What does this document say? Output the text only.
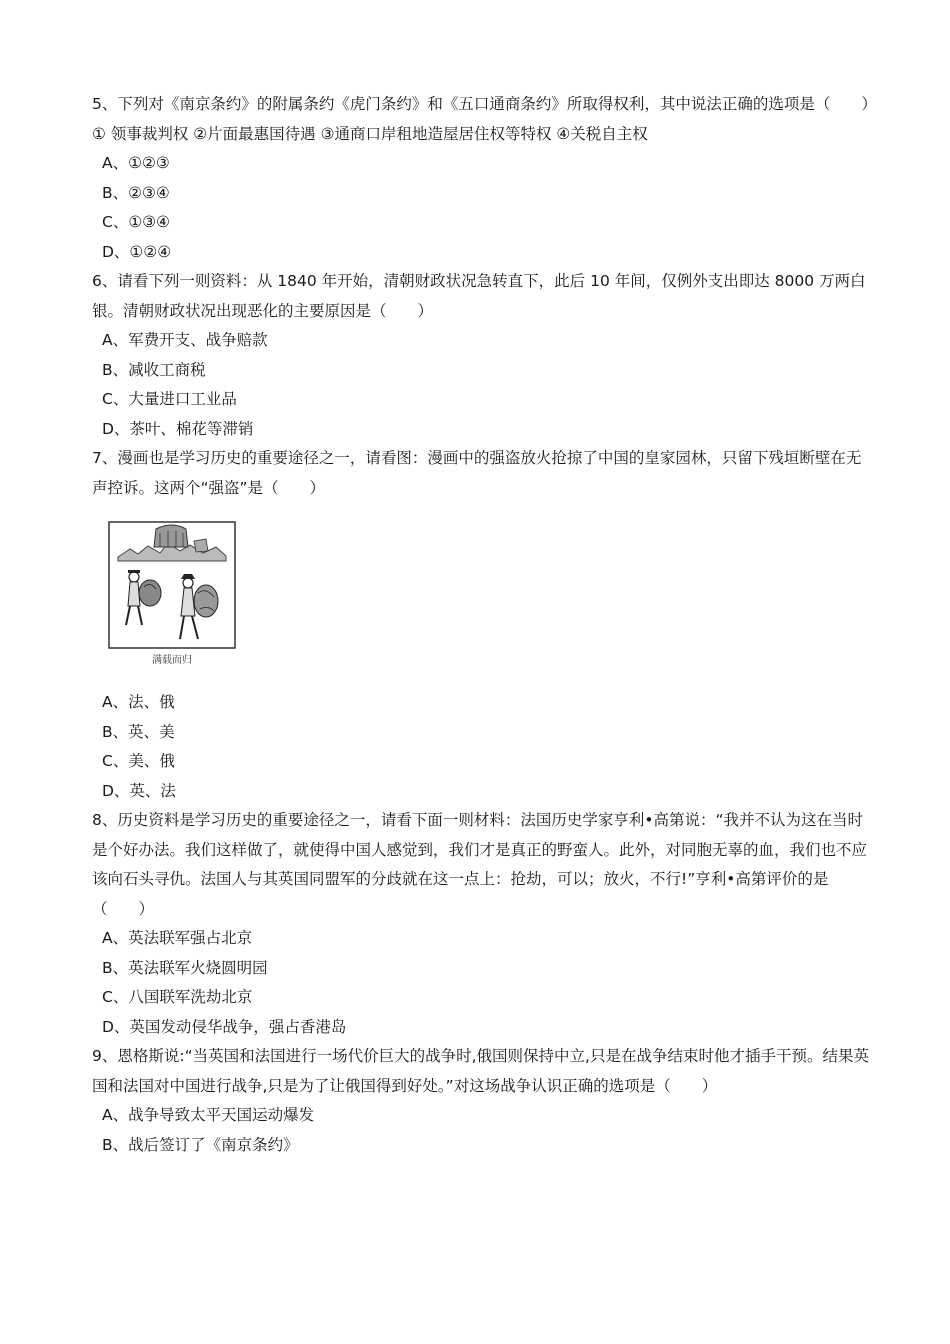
5、下列对《南京条约》的附属条约《虎门条约》和《五口通商条约》所取得权利，其中说法正确的选项是（　　）

① 领事裁判权 ②片面最惠国待遇 ③通商口岸租地造屋居住权等特权 ④关税自主权

A、①②③

B、②③④

C、①③④

D、①②④

6、请看下列一则资料：从 1840 年开始，清朝财政状况急转直下，此后 10 年间，仅例外支出即达 8000 万两白银。清朝财政状况出现恶化的主要原因是（　　）

A、军费开支、战争赔款

B、减收工商税

C、大量进口工业品

D、茶叶、棉花等滞销

7、漫画也是学习历史的重要途径之一，请看图：漫画中的强盗放火抢掠了中国的皇家园林，只留下残垣断壁在无声控诉。这两个“强盗”是（　　）

满载而归

A、法、俄

B、英、美

C、美、俄

D、英、法

8、历史资料是学习历史的重要途径之一，请看下面一则材料：法国历史学家亨利•高第说：“我并不认为这在当时是个好办法。我们这样做了，就使得中国人感觉到，我们才是真正的野蛮人。此外，对同胞无辜的血，我们也不应该向石头寻仇。法国人与其英国同盟军的分歧就在这一点上：抢劫，可以；放火，不行!”亨利•高第评价的是（　　）

A、英法联军强占北京

B、英法联军火烧圆明园

C、八国联军洗劫北京

D、英国发动侵华战争，强占香港岛

9、恩格斯说:“当英国和法国进行一场代价巨大的战争时,俄国则保持中立,只是在战争结束时他才插手干预。结果英国和法国对中国进行战争,只是为了让俄国得到好处。”对这场战争认识正确的选项是（　　）

A、战争导致太平天国运动爆发

B、战后签订了《南京条约》
